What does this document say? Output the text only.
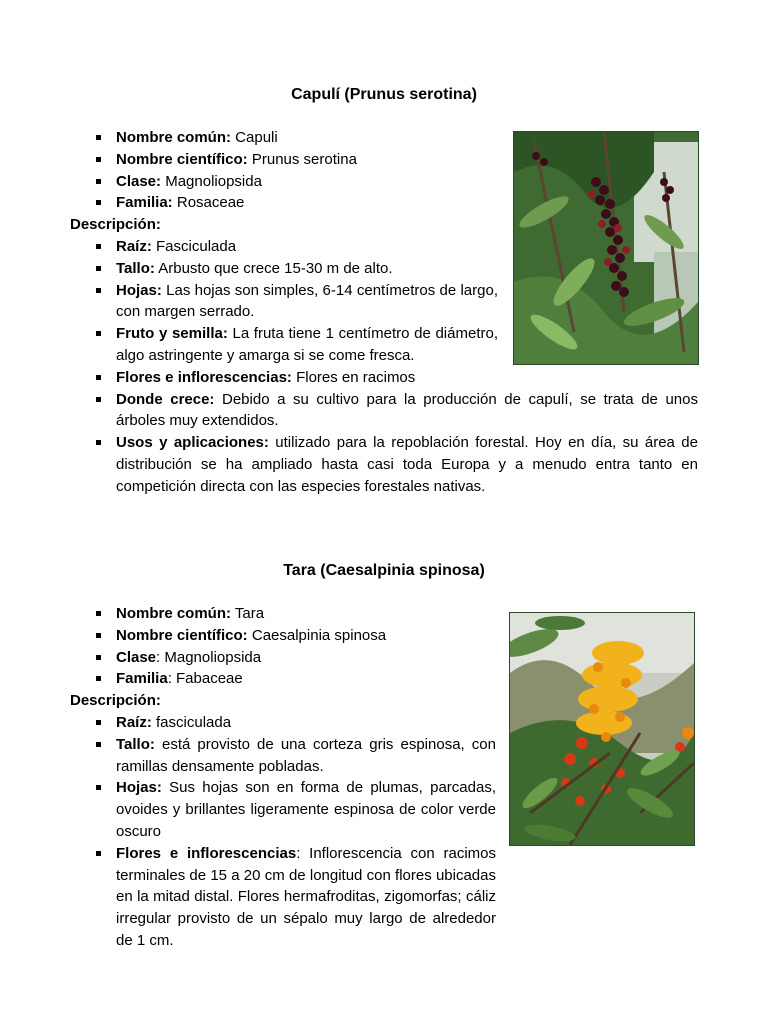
Capulí (Prunus serotina)
Nombre común: Capuli
Nombre científico: Prunus serotina
Clase: Magnoliopsida
Familia: Rosaceae

Descripción:

Raíz: Fasciculada
Tallo: Arbusto que crece 15-30 m de alto.
Hojas: Las hojas son simples, 6-14 centímetros de largo, con margen serrado.
Fruto y semilla: La fruta tiene 1 centímetro de diámetro, algo astringente y amarga si se come fresca.
Flores e inflorescencias: Flores en racimos
Donde crece: Debido a su cultivo para la producción de capulí, se trata de unos árboles muy extendidos.
Usos y aplicaciones: utilizado para la repoblación forestal. Hoy en día, su área de distribución se ha ampliado hasta casi toda Europa y a menudo entra tanto en competición directa con las especies forestales nativas.
Tara (Caesalpinia spinosa)
Nombre común: Tara
Nombre científico: Caesalpinia spinosa
Clase: Magnoliopsida
Familia: Fabaceae

Descripción:

Raíz: fasciculada
Tallo: está provisto de una corteza gris espinosa, con ramillas densamente pobladas.
Hojas: Sus hojas son en forma de plumas, parcadas, ovoides y brillantes ligeramente espinosa de color verde oscuro
Flores e inflorescencias: Inflorescencia con racimos terminales de 15 a 20 cm de longitud con flores ubicadas en la mitad distal. Flores hermafroditas, zigomorfas; cáliz irregular provisto de un sépalo muy largo de alrededor de 1 cm.
